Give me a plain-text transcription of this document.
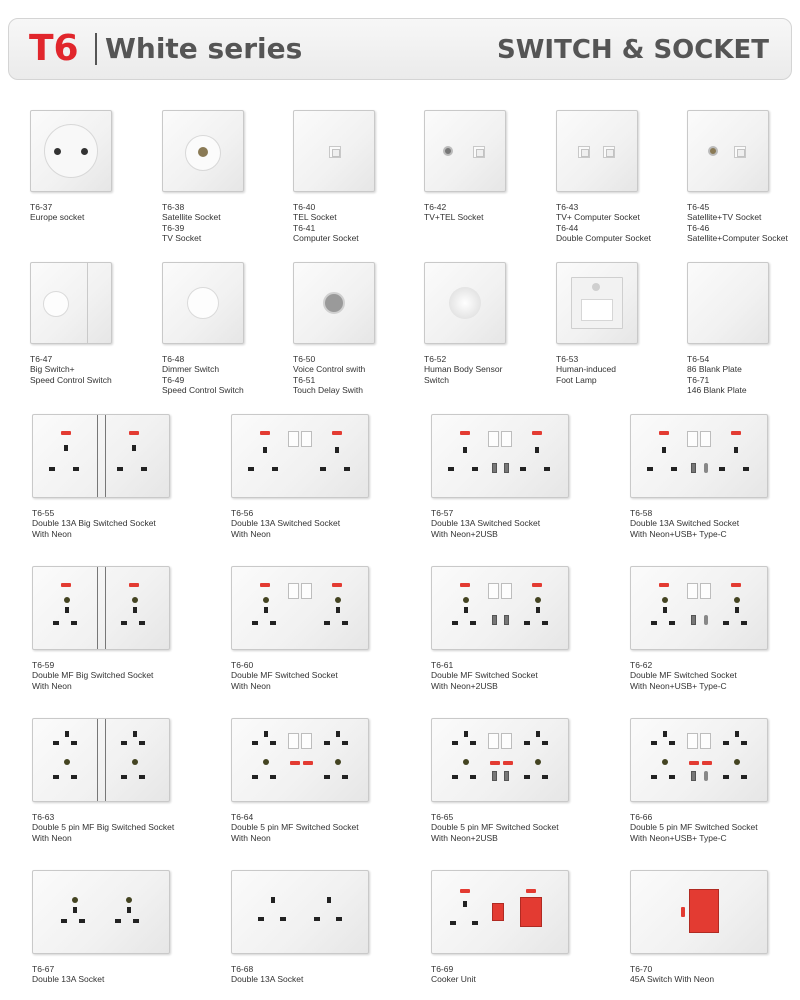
T6 White series	SWITCH & SOCKET
T6-37
Europe socket
T6-38
Satellite Socket
T6-39
TV Socket
T6-40
TEL Socket
T6-41
Computer Socket
T6-42
TV+TEL Socket
T6-43
TV+ Computer Socket
T6-44
Double Computer Socket
T6-45
Satellite+TV Socket
T6-46
Satellite+Computer Socket
T6-47
Big Switch+
Speed Control Switch
T6-48
Dimmer Switch
T6-49
Speed Control Switch
T6-50
Voice Control swith
T6-51
Touch Delay Swith
T6-52
Human Body Sensor
Switch
T6-53
Human-induced
Foot Lamp
T6-54
86 Blank Plate
T6-71
146 Blank Plate
T6-55
Double 13A Big Switched Socket
With Neon
T6-56
Double 13A Switched Socket
With Neon
T6-57
Double 13A Switched Socket
With Neon+2USB
T6-58
Double 13A Switched Socket
With Neon+USB+ Type-C
T6-59
Double MF Big Switched Socket
With Neon
T6-60
Double MF Switched Socket
With Neon
T6-61
Double MF Switched Socket
With Neon+2USB
T6-62
Double MF Switched Socket
With Neon+USB+ Type-C
T6-63
Double 5 pin MF Big Switched Socket
With Neon
T6-64
Double 5 pin MF Switched Socket
With Neon
T6-65
Double 5 pin MF Switched Socket
With Neon+2USB
T6-66
Double 5 pin MF Switched Socket
With Neon+USB+ Type-C
T6-67
Double 13A Socket
T6-68
Double 13A Socket
T6-69
Cooker Unit
T6-70
45A Switch With Neon
